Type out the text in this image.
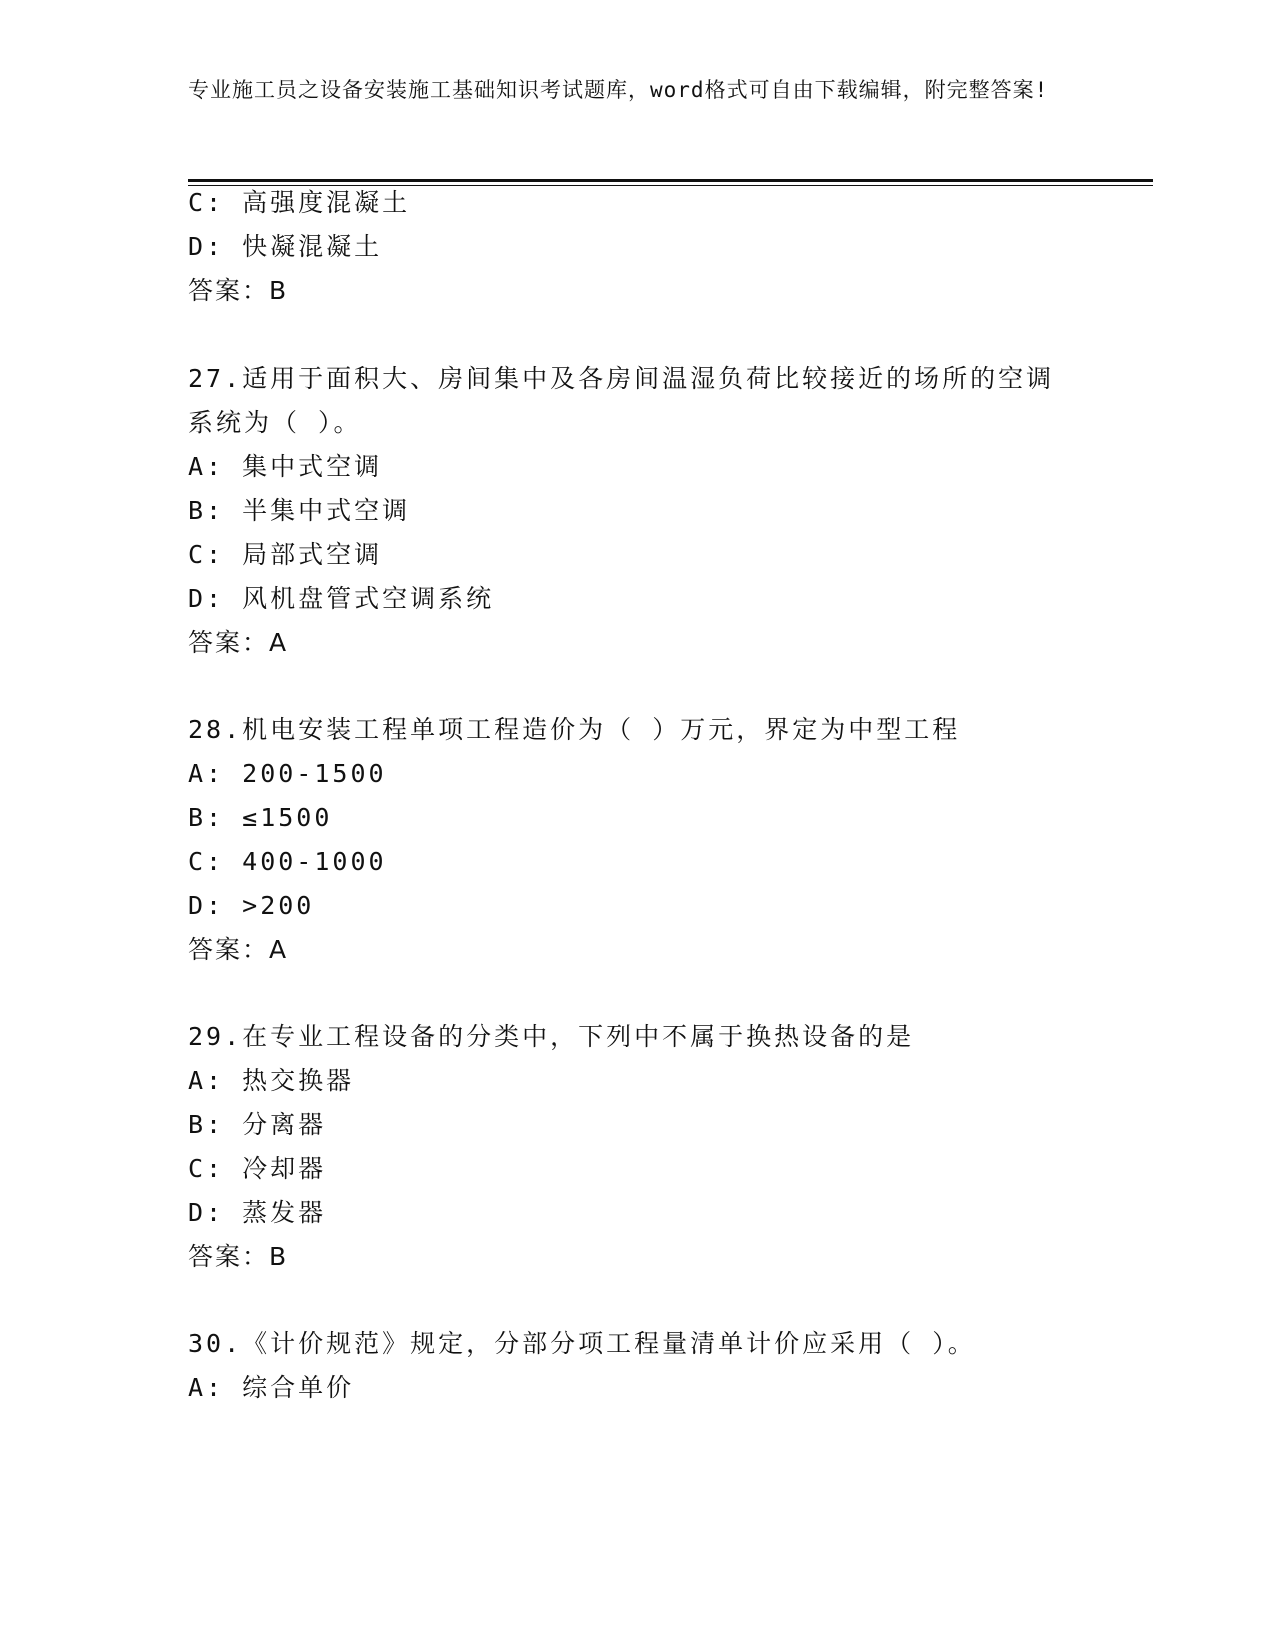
专业施工员之设备安装施工基础知识考试题库，word格式可自由下载编辑，附完整答案!
C: 高强度混凝土
D: 快凝混凝土
答案：B
27.适用于面积大、房间集中及各房间温湿负荷比较接近的场所的空调
系统为（ ）。
A: 集中式空调
B: 半集中式空调
C: 局部式空调
D: 风机盘管式空调系统
答案：A
28.机电安装工程单项工程造价为（ ）万元，界定为中型工程
A: 200-1500
B: ≤1500
C: 400-1000
D: >200
答案：A
29.在专业工程设备的分类中，下列中不属于换热设备的是
A: 热交换器
B: 分离器
C: 冷却器
D: 蒸发器
答案：B
30.《计价规范》规定，分部分项工程量清单计价应采用（ ）。
A: 综合单价
